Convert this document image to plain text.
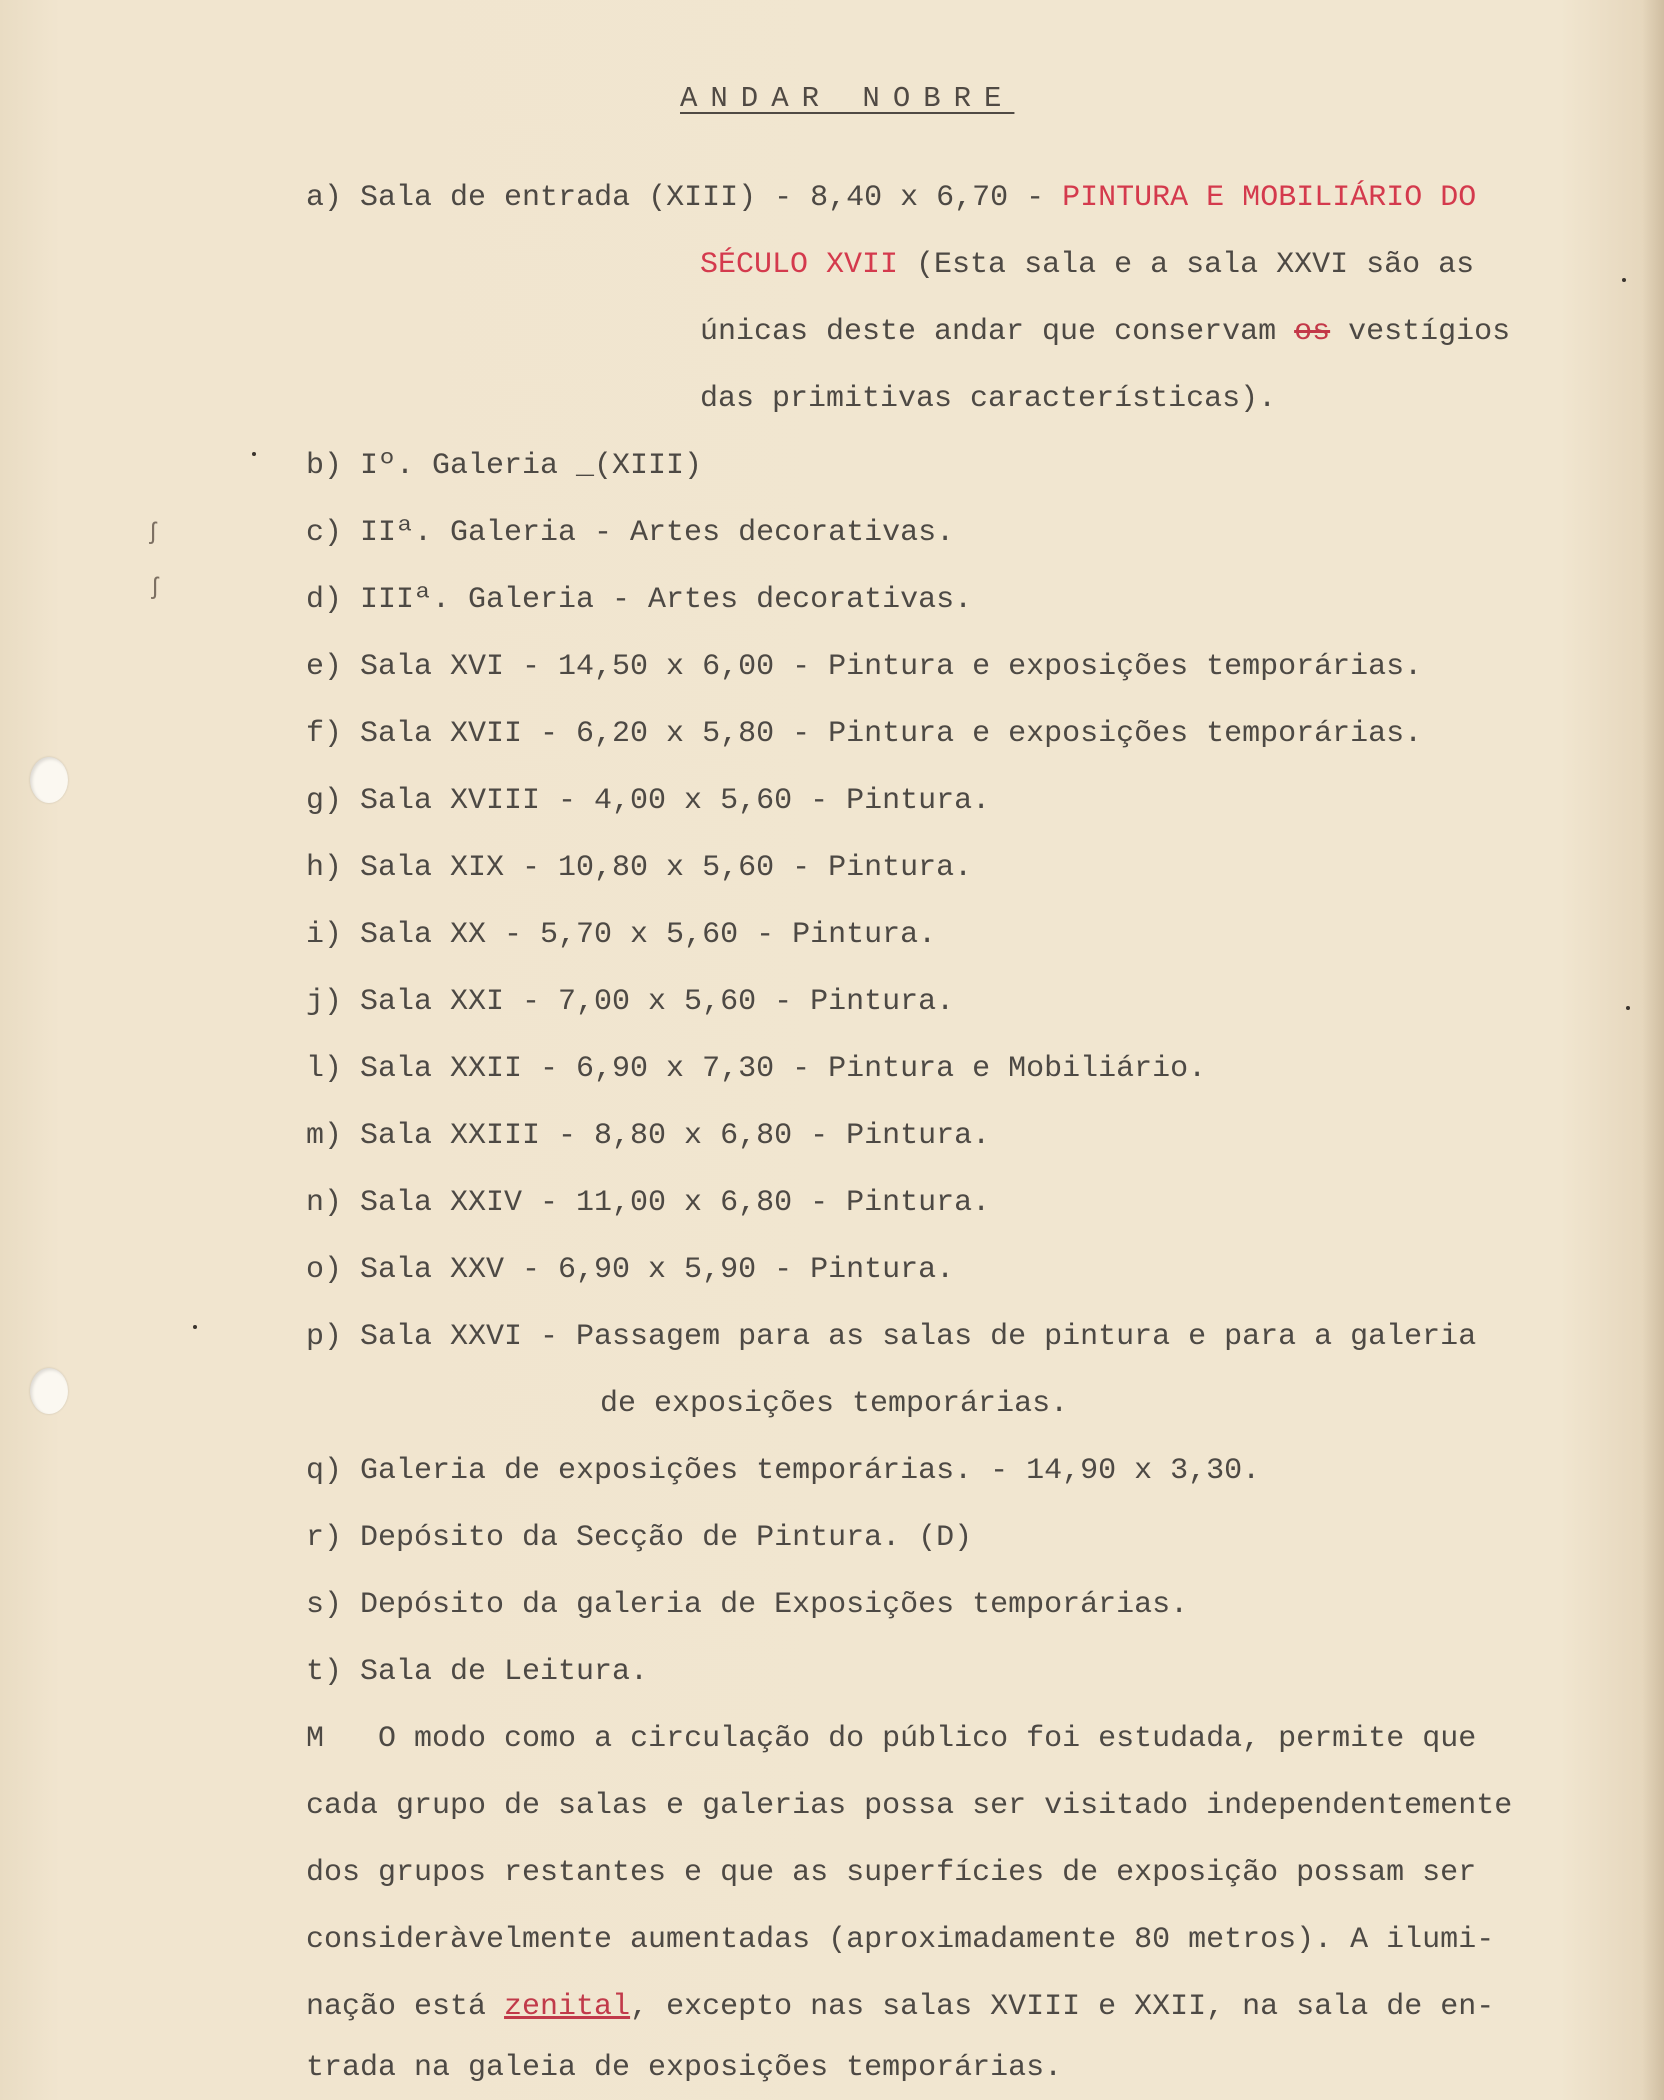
ʃ
ʃ
ANDAR NOBRE
a) Sala de entrada (XIII) - 8,40 x 6,70 - PINTURA E MOBILIÁRIO DO
SÉCULO XVII (Esta sala e a sala XXVI são as
únicas deste andar que conservam os vestígios
das primitivas características).
b) Iº. Galeria _(XIII)
c) IIª. Galeria - Artes decorativas.
d) IIIª. Galeria - Artes decorativas.
e) Sala XVI - 14,50 x 6,00 - Pintura e exposições temporárias.
f) Sala XVII - 6,20 x 5,80 - Pintura e exposições temporárias.
g) Sala XVIII - 4,00 x 5,60 - Pintura.
h) Sala XIX - 10,80 x 5,60 - Pintura.
i) Sala XX - 5,70 x 5,60 - Pintura.
j) Sala XXI - 7,00 x 5,60 - Pintura.
l) Sala XXII - 6,90 x 7,30 - Pintura e Mobiliário.
m) Sala XXIII - 8,80 x 6,80 - Pintura.
n) Sala XXIV - 11,00 x 6,80 - Pintura.
o) Sala XXV - 6,90 x 5,90 - Pintura.
p) Sala XXVI - Passagem para as salas de pintura e para a galeria
de exposições temporárias.
q) Galeria de exposições temporárias. - 14,90 x 3,30.
r) Depósito da Secção de Pintura. (D)
s) Depósito da galeria de Exposições temporárias.
t) Sala de Leitura.
M O modo como a circulação do público foi estudada, permite que
cada grupo de salas e galerias possa ser visitado independentemente
dos grupos restantes e que as superfícies de exposição possam ser
consideràvelmente aumentadas (aproximadamente 80 metros). A ilumi-
nação está zenital, excepto nas salas XVIII e XXII, na sala de en-
trada na galeia de exposições temporárias.
